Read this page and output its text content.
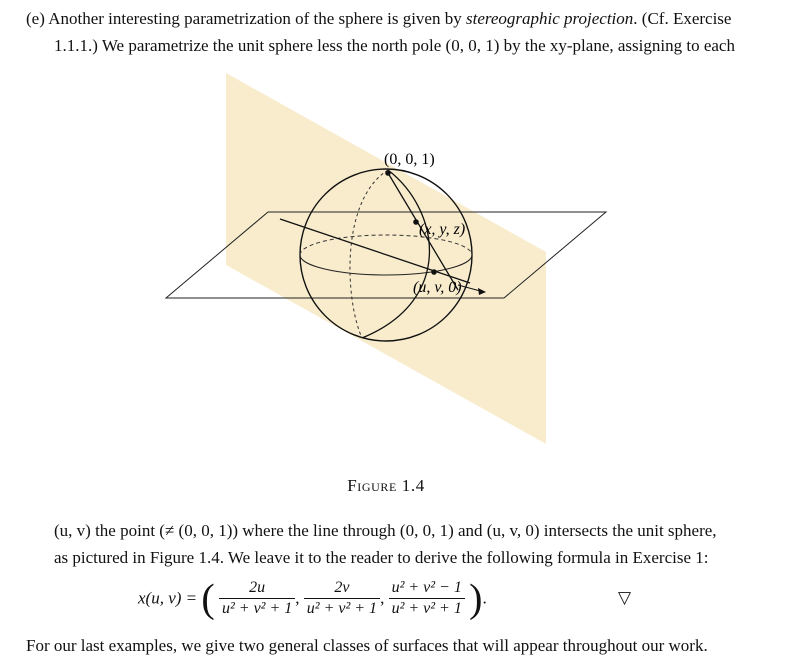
(e) Another interesting parametrization of the sphere is given by stereographic projection. (Cf. Exercise
1.1.1.) We parametrize the unit sphere less the north pole (0, 0, 1) by the xy-plane, assigning to each
(0, 0, 1)
(x, y, z)
(u, v, 0)
Figure 1.4
(u, v) the point (≠ (0, 0, 1)) where the line through (0, 0, 1) and (u, v, 0) intersects the unit sphere,
as pictured in Figure 1.4. We leave it to the reader to derive the following formula in Exercise 1:
x(u, v) = ( $\frac{2u}{\text{u² + v² + 1}}$ , $\frac{2v}{\text{u² + v² + 1}}$ , $\frac{\text{u² + v² − 1}}{\text{u² + v² + 1}}$ ).	▽
For our last examples, we give two general classes of surfaces that will appear throughout our work.
